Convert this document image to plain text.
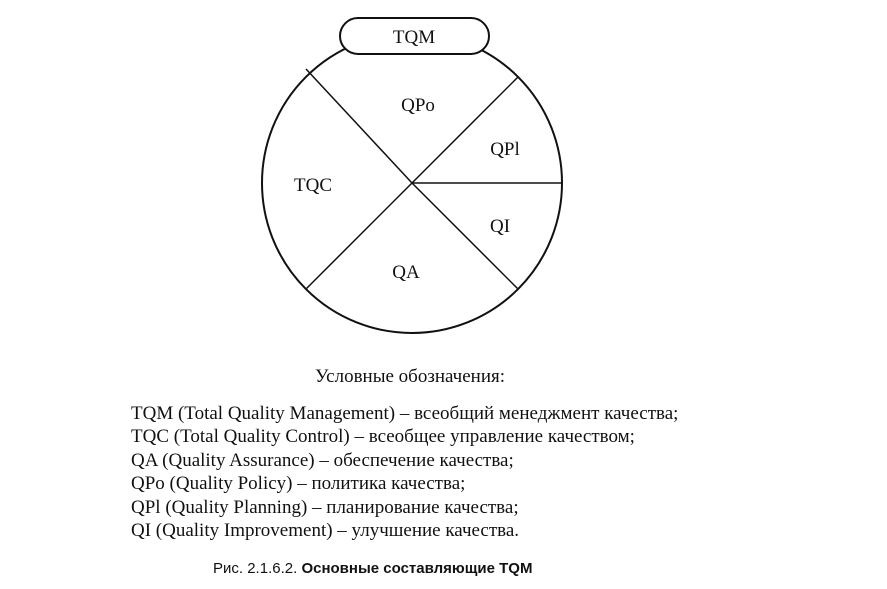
TQM
QPo
QPl
QI
QA
TQC
Условные обозначения:
TQM (Total Quality Management) – всеобщий менеджмент качества;
TQC (Total Quality Control) – всеобщее управление качеством;
QA (Quality Assurance) – обеспечение качества;
QPo (Quality Policy) – политика качества;
QPl (Quality Planning) – планирование качества;
QI (Quality Improvement) – улучшение качества.
Рис. 2.1.6.2. Основные составляющие TQM
